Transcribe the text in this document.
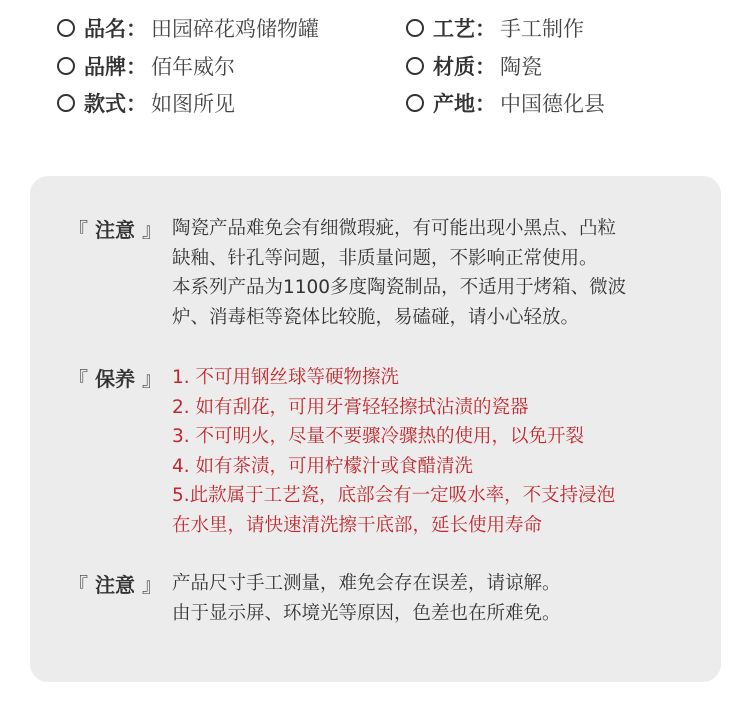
品名 ： 田园碎花鸡储物罐	工艺 ： 手工制作
品牌 ： 佰年威尔	材质 ： 陶瓷
款式 ： 如图所见	产地 ： 中国德化县
『 注意 』 陶瓷产品难免会有细微瑕疵，有可能出现小黑点、凸粒
缺釉、针孔等问题，非质量问题，不影响正常使用。
本系列产品为1100多度陶瓷制品，不适用于烤箱、微波
炉、消毒柜等瓷体比较脆，易磕碰，请小心轻放。
『 保养 』 1. 不可用钢丝球等硬物擦洗
2. 如有刮花，可用牙膏轻轻擦拭沾渍的瓷器
3. 不可明火，尽量不要骤冷骤热的使用，以免开裂
4. 如有茶渍，可用柠檬汁或食醋清洗
5.此款属于工艺瓷，底部会有一定吸水率，不支持浸泡
在水里，请快速清洗擦干底部，延长使用寿命
『 注意 』 产品尺寸手工测量，难免会存在误差，请谅解。
由于显示屏、环境光等原因，色差也在所难免。
